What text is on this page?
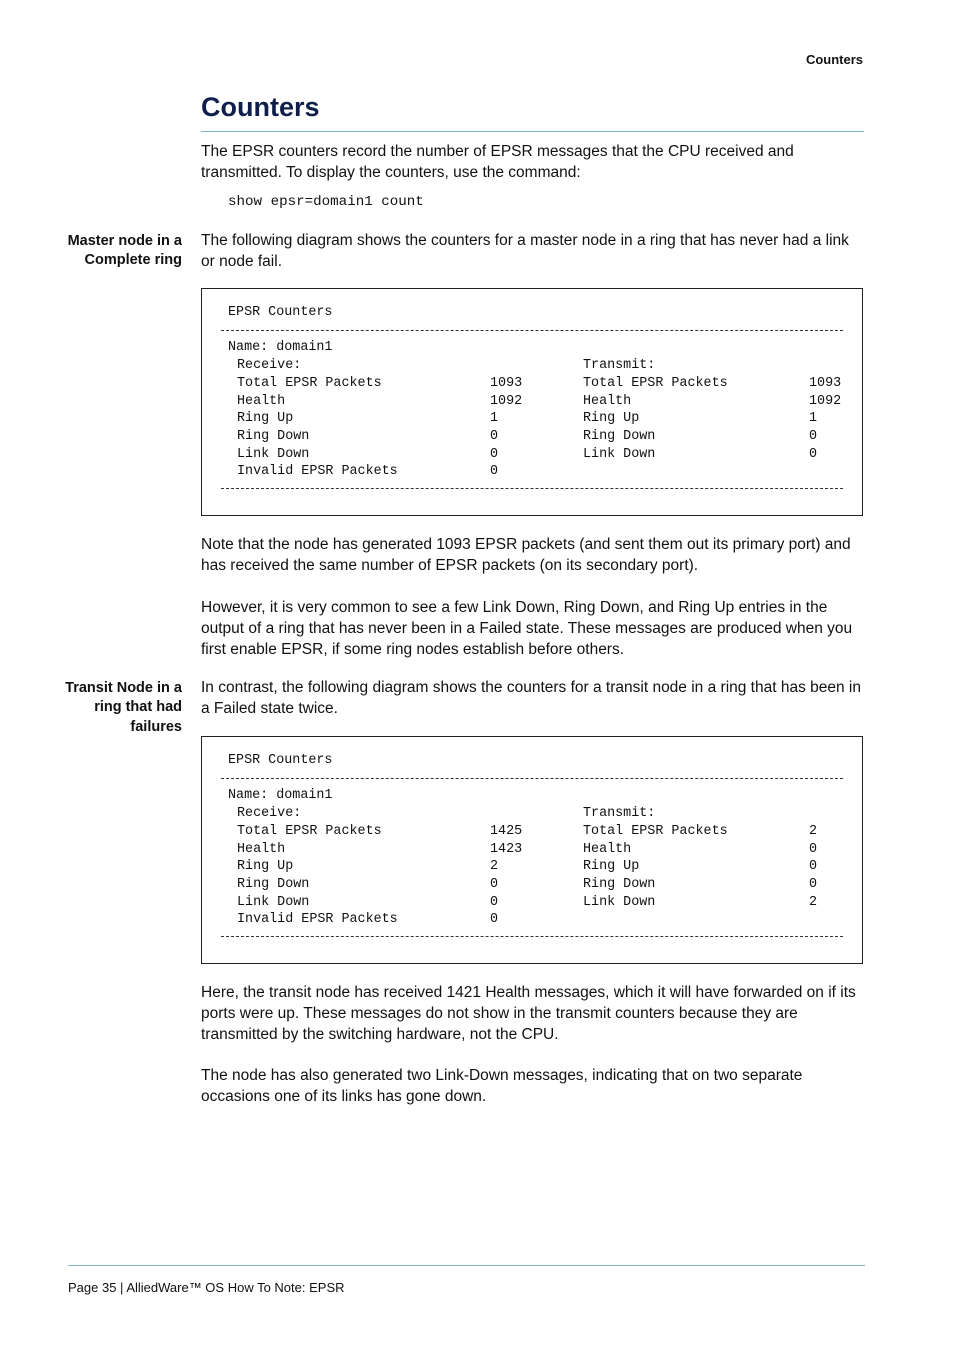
Counters
Counters

The EPSR counters record the number of EPSR messages that the CPU received and transmitted. To display the counters, use the command:

show epsr=domain1 count

Master node in a Complete ring

The following diagram shows the counters for a master node in a ring that has never had a link or node fail.

EPSR Counters
Name: domain1
Receive:	Transmit:
Total EPSR Packets
Health
Ring Up
Ring Down
Link Down
Invalid EPSR Packets
1093
1092
1
0
0
0
Total EPSR Packets
Health
Ring Up
Ring Down
Link Down
1093
1092
1
0
0

Note that the node has generated 1093 EPSR packets (and sent them out its primary port) and has received the same number of EPSR packets (on its secondary port).

However, it is very common to see a few Link Down, Ring Down, and Ring Up entries in the output of a ring that has never been in a Failed state. These messages are produced when you first enable EPSR, if some ring nodes establish before others.

Transit Node in a ring that had failures

In contrast, the following diagram shows the counters for a transit node in a ring that has been in a Failed state twice.

EPSR Counters
Name: domain1
Receive:	Transmit:
Total EPSR Packets
Health
Ring Up
Ring Down
Link Down
Invalid EPSR Packets
1425
1423
2
0
0
0
Total EPSR Packets
Health
Ring Up
Ring Down
Link Down
2
0
0
0
2

Here, the transit node has received 1421 Health messages, which it will have forwarded on if its ports were up. These messages do not show in the transmit counters because they are transmitted by the switching hardware, not the CPU.

The node has also generated two Link-Down messages, indicating that on two separate occasions one of its links has gone down.

Page 35 | AlliedWare™ OS How To Note: EPSR
